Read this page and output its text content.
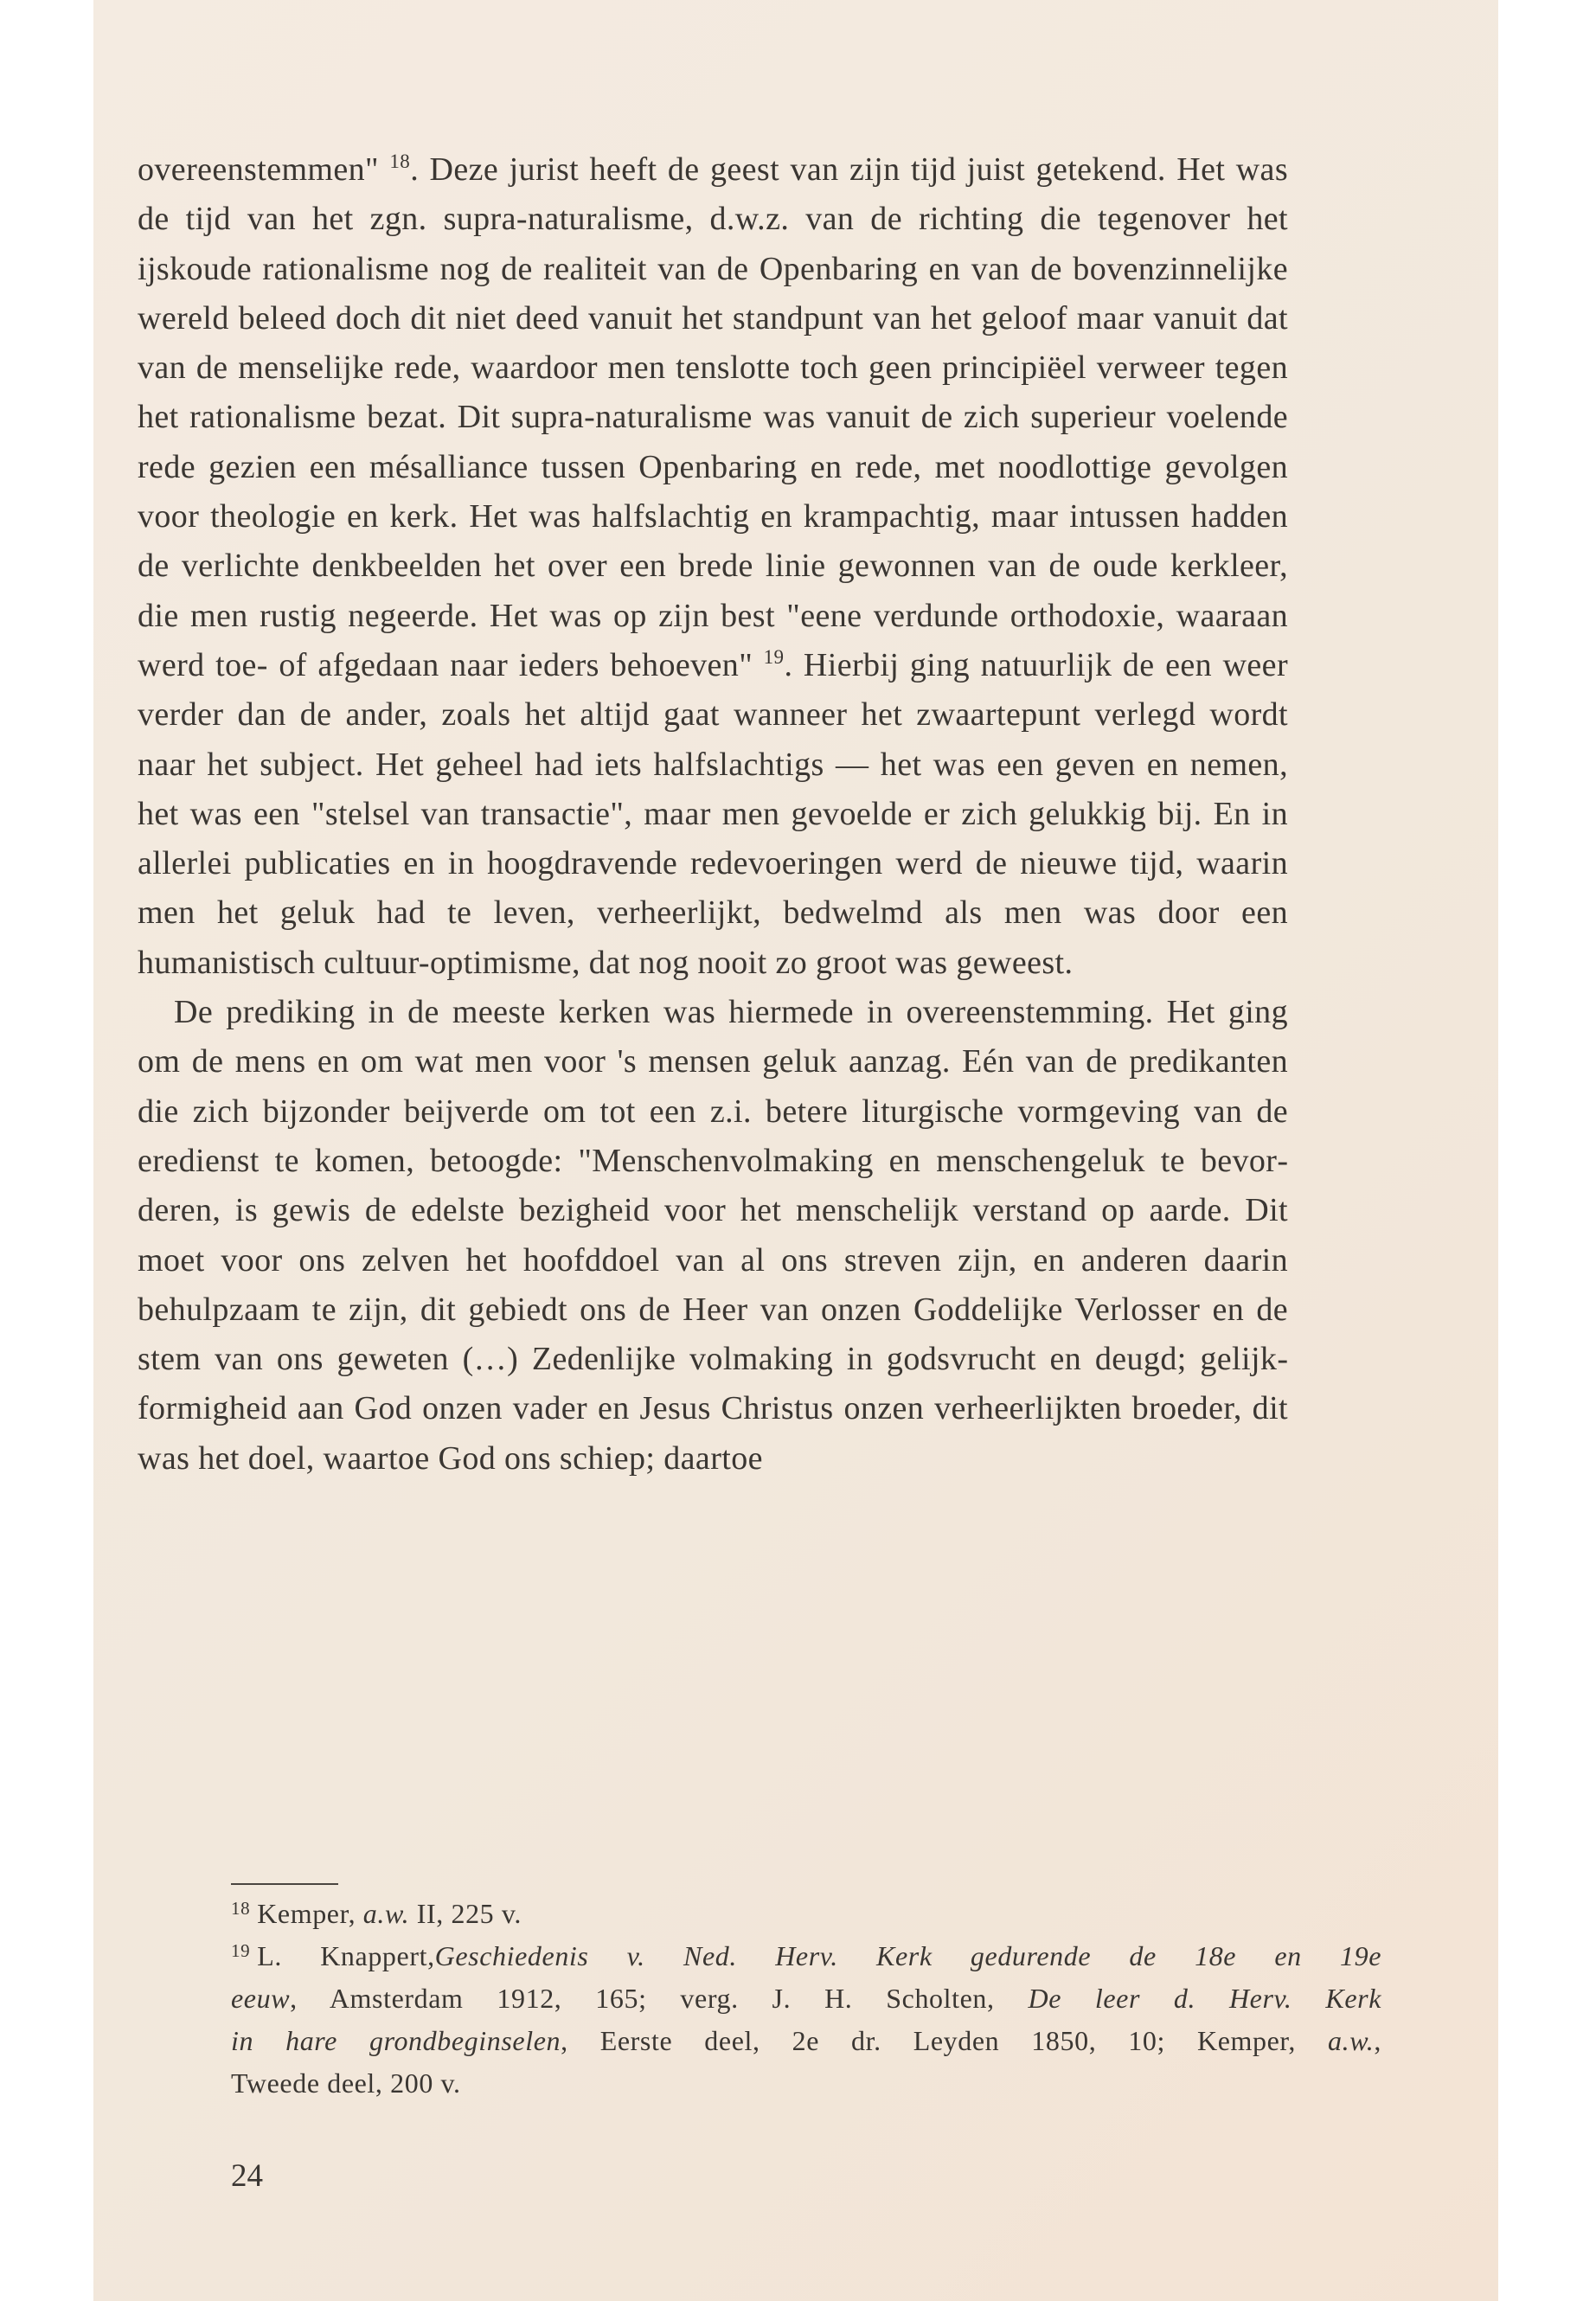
overeenstemmen" $^{18}$. Deze jurist heeft de geest van zijn tijd juist getekend. Het was de tijd van het zgn. supra-naturalisme, d.w.z. van de richting die tegenover het ijskoude rationalisme nog de realiteit van de Openbaring en van de bovenzinnelijke wereld beleed doch dit niet deed vanuit het standpunt van het geloof maar vanuit dat van de menselijke rede, waardoor men tenslotte toch geen principiëel verweer tegen het rationalisme bezat. Dit supra-naturalisme was vanuit de zich superieur voelende rede gezien een mésalliance tussen Openbaring en rede, met noodlottige gevolgen voor theologie en kerk. Het was halfslachtig en krampachtig, maar intussen hadden de verlichte denkbeelden het over een brede linie gewonnen van de oude kerkleer, die men rustig negeerde. Het was op zijn best "eene verdunde orthodoxie, waaraan werd toe- of afgedaan naar ieders behoeven" $^{19}$. Hierbij ging natuurlijk de een weer verder dan de ander, zoals het altijd gaat wanneer het zwaartepunt verlegd wordt naar het subject. Het geheel had iets halfslachtigs — het was een geven en nemen, het was een "stelsel van transactie", maar men gevoelde er zich gelukkig bij. En in allerlei publicaties en in hoogdravende redevoeringen werd de nieuwe tijd, waarin men het geluk had te leven, verheerlijkt, bedwelmd als men was door een humanistisch cultuur-optimisme, dat nog nooit zo groot was geweest.

De prediking in de meeste kerken was hiermede in overeenstemming. Het ging om de mens en om wat men voor 's mensen geluk aanzag. Eén van de predikanten die zich bijzonder beijverde om tot een z.i. betere liturgische vormgeving van de eredienst te komen, betoogde: "Menschenvolmaking en menschengeluk te bevorderen, is gewis de edelste bezigheid voor het menschelijk verstand op aarde. Dit moet voor ons zelven het hoofddoel van al ons streven zijn, en anderen daarin behulpzaam te zijn, dit gebiedt ons de Heer van onzen Goddelijke Verlosser en de stem van ons geweten (…) Zedenlijke volmaking in godsvrucht en deugd; gelijkformigheid aan God onzen vader en Jesus Christus onzen verheerlijkten broeder, dit was het doel, waartoe God ons schiep; daartoe

$^{18}$ Kemper, a.w. II, 225 v.

$^{19}$ L. Knappert,Geschiedenis v. Ned. Herv. Kerk gedurende de 18e en 19e
eeuw, Amsterdam 1912, 165; verg. J. H. Scholten, De leer d. Herv. Kerk
in hare grondbeginselen, Eerste deel, 2e dr. Leyden 1850, 10; Kemper, a.w.,
Tweede deel, 200 v.

24
